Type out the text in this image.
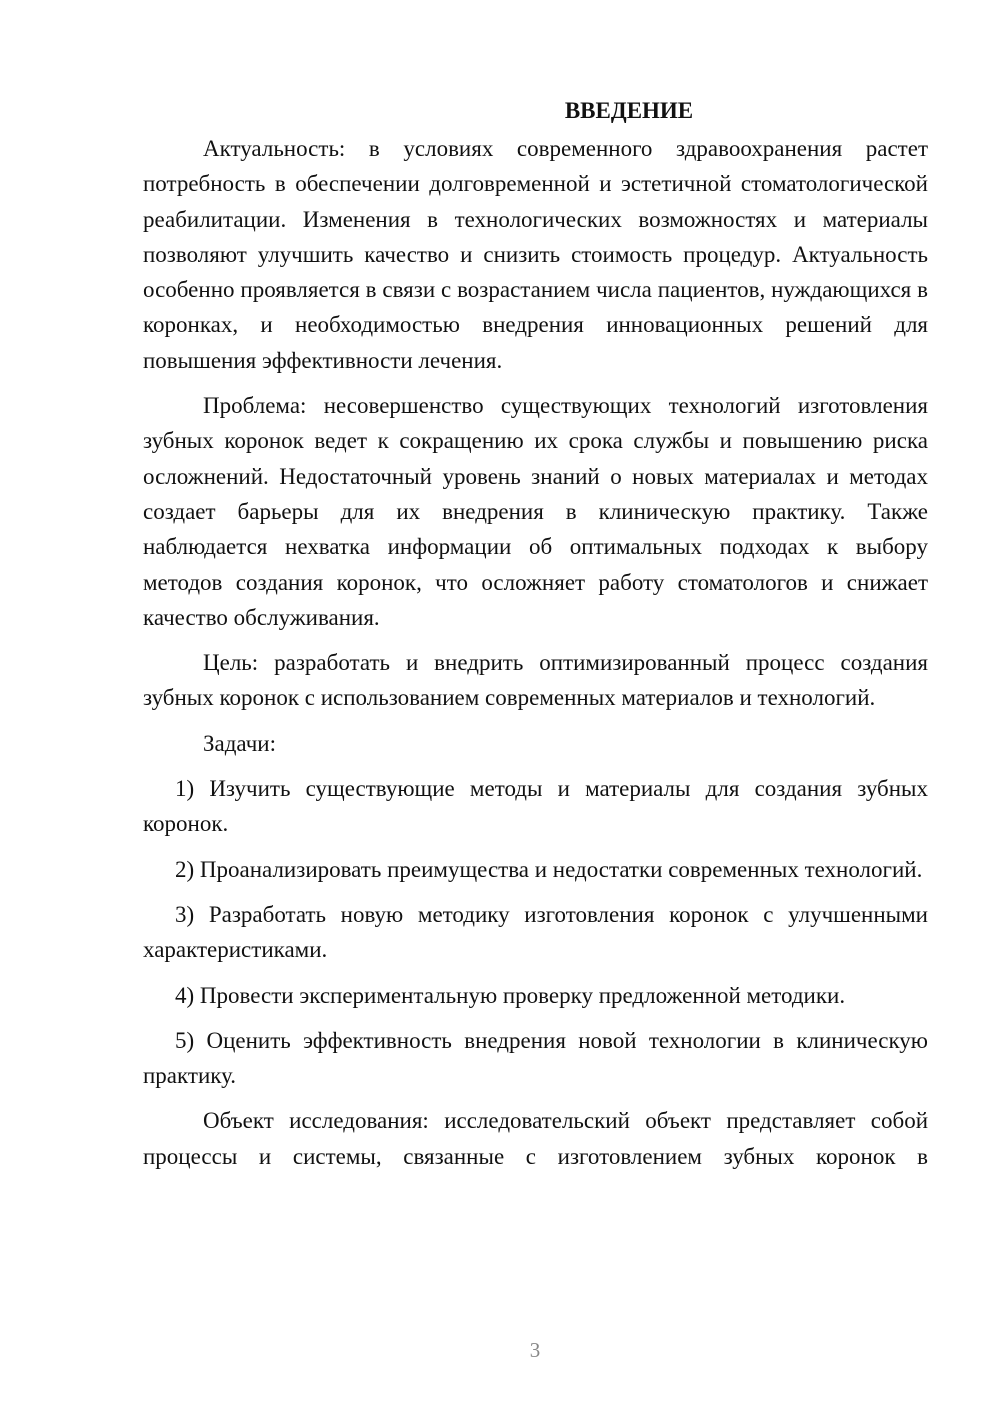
ВВЕДЕНИЕ

Актуальность: в условиях современного здравоохранения растет потребность в обеспечении долговременной и эстетичной стоматологической реабилитации. Изменения в технологических возможностях и материалы позволяют улучшить качество и снизить стоимость процедур. Актуальность особенно проявляется в связи с возрастанием числа пациентов, нуждающихся в коронках, и необходимостью внедрения инновационных решений для повышения эффективности лечения.

Проблема: несовершенство существующих технологий изготовления зубных коронок ведет к сокращению их срока службы и повышению риска осложнений. Недостаточный уровень знаний о новых материалах и методах создает барьеры для их внедрения в клиническую практику. Также наблюдается нехватка информации об оптимальных подходах к выбору методов создания коронок, что осложняет работу стоматологов и снижает качество обслуживания.

Цель: разработать и внедрить оптимизированный процесс создания зубных коронок с использованием современных материалов и технологий.

Задачи:

1) Изучить существующие методы и материалы для создания зубных коронок.

2) Проанализировать преимущества и недостатки современных технологий.

3) Разработать новую методику изготовления коронок с улучшенными характеристиками.

4) Провести экспериментальную проверку предложенной методики.

5) Оценить эффективность внедрения новой технологии в клиническую практику.

Объект исследования: исследовательский объект представляет собой процессы и системы, связанные с изготовлением зубных коронок в

3
